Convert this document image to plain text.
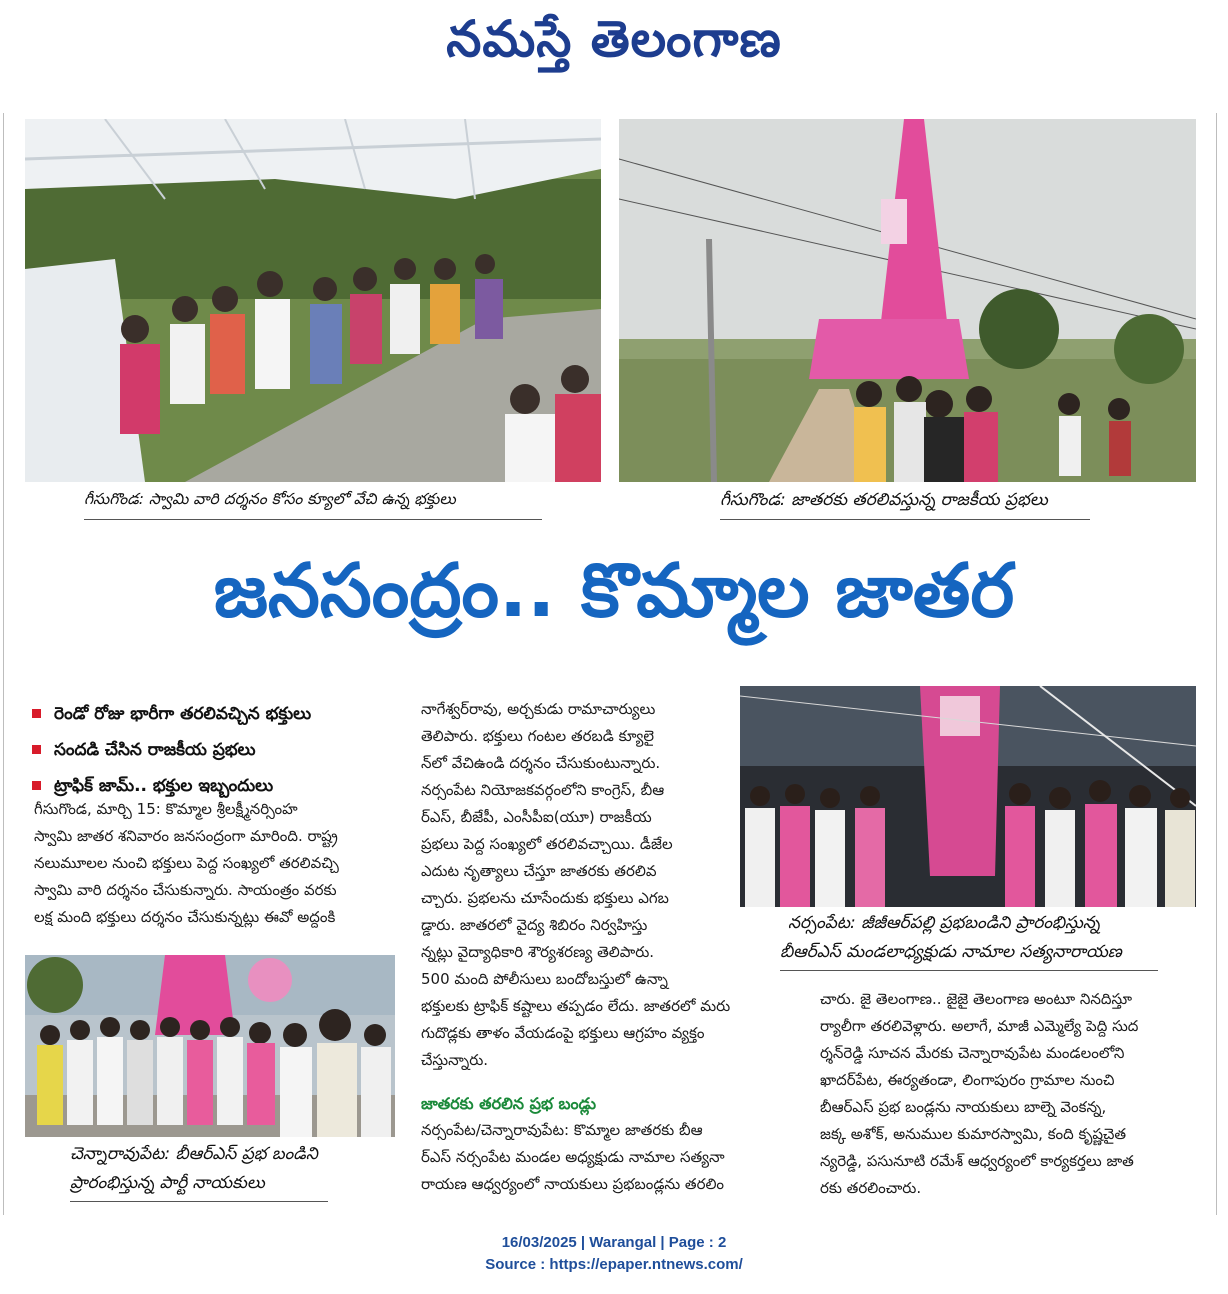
నమస్తే తెలంగాణ
గీసుగొండ: స్వామి వారి దర్శనం కోసం క్యూలో వేచి ఉన్న భక్తులు	గీసుగొండ: జాతరకు తరలివస్తున్న రాజకీయ ప్రభలు
జనసంద్రం.. కొమ్మాల జాతర
రెండో రోజు భారీగా తరలివచ్చిన భక్తులు
సందడి చేసిన రాజకీయ ప్రభలు
ట్రాఫిక్ జామ్.. భక్తుల ఇబ్బందులు

గీసుగొండ, మార్చి 15: కొమ్మాల శ్రీలక్ష్మీనర్సింహ

స్వామి జాతర శనివారం జనసంద్రంగా మారింది. రాష్ట్ర

నలుమూలల నుంచి భక్తులు పెద్ద సంఖ్యలో తరలివచ్చి

స్వామి వారి దర్శనం చేసుకున్నారు. సాయంత్రం వరకు

లక్ష మంది భక్తులు దర్శనం చేసుకున్నట్లు ఈవో అద్దంకి

చెన్నారావుపేట: బీఆర్‌ఎస్ ప్రభ బండిని
ప్రారంభిస్తున్న పార్టీ నాయకులు

నాగేశ్వర్‌రావు, అర్చకుడు రామాచార్యులు

తెలిపారు. భక్తులు గంటల తరబడి క్యూలై

న్‌లో వేచిఉండి దర్శనం చేసుకుంటున్నారు.

నర్సంపేట నియోజకవర్గంలోని కాంగ్రెస్, బీఆ

ర్‌ఎస్, బీజేపీ, ఎంసీపీఐ(యూ) రాజకీయ

ప్రభలు పెద్ద సంఖ్యలో తరలివచ్చాయి. డీజేల

ఎదుట నృత్యాలు చేస్తూ జాతరకు తరలివ

చ్చారు. ప్రభలను చూసేందుకు భక్తులు ఎగబ

డ్డారు. జాతరలో వైద్య శిబిరం నిర్వహిస్తు

న్నట్లు వైద్యాధికారి శౌర్యశరణ్య తెలిపారు.

500 మంది పోలీసులు బందోబస్తులో ఉన్నా

భక్తులకు ట్రాఫిక్ కష్టాలు తప్పడం లేదు. జాతరలో మరు

గుదొడ్లకు తాళం వేయడంపై భక్తులు ఆగ్రహం వ్యక్తం

చేస్తున్నారు.

జాతరకు తరలిన ప్రభ బండ్లు

నర్సంపేట/చెన్నారావుపేట: కొమ్మాల జాతరకు బీఆ

ర్‌ఎస్ నర్సంపేట మండల అధ్యక్షుడు నామాల సత్యనా

రాయణ ఆధ్వర్యంలో నాయకులు ప్రభబండ్లను తరలిం

నర్సంపేట: జీజీఆర్‌పల్లి ప్రభబండిని ప్రారంభిస్తున్న
బీఆర్‌ఎస్ మండలాధ్యక్షుడు నామాల సత్యనారాయణ

చారు. జై తెలంగాణ.. జైజై తెలంగాణ అంటూ నినదిస్తూ

ర్యాలీగా తరలివెళ్లారు. అలాగే, మాజీ ఎమ్మెల్యే పెద్ది సుద

ర్శన్‌రెడ్డి సూచన మేరకు చెన్నారావుపేట మండలంలోని

ఖాదర్‌పేట, ఈర్యతండా, లింగాపురం గ్రామాల నుంచి

బీఆర్‌ఎస్ ప్రభ బండ్లను నాయకులు బాల్నె వెంకన్న,

జక్క అశోక్, అనుముల కుమారస్వామి, కంది కృష్ణచైత

న్యరెడ్డి, పసునూటి రమేశ్ ఆధ్వర్యంలో కార్యకర్తలు జాత

రకు తరలించారు.

16/03/2025 | Warangal | Page : 2
Source : https://epaper.ntnews.com/
